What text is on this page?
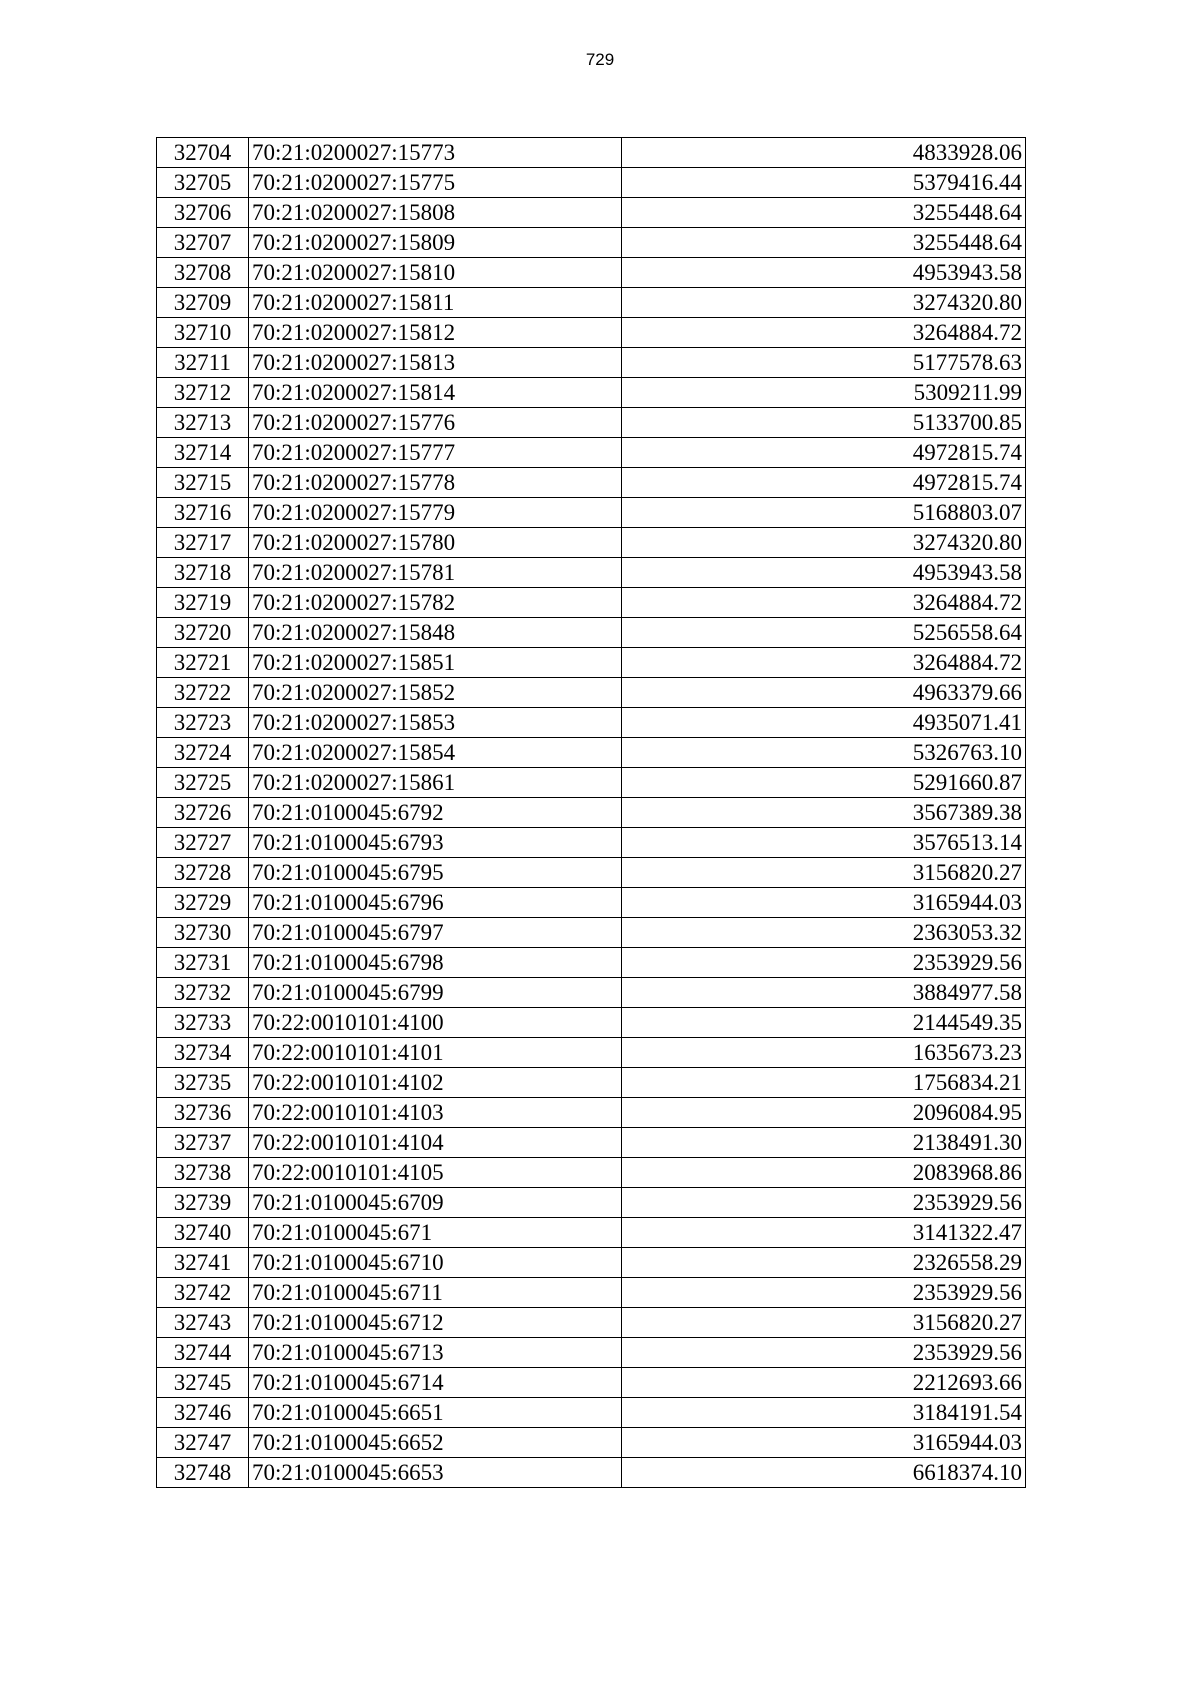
729
32704	70:21:0200027:15773	4833928.06
32705	70:21:0200027:15775	5379416.44
32706	70:21:0200027:15808	3255448.64
32707	70:21:0200027:15809	3255448.64
32708	70:21:0200027:15810	4953943.58
32709	70:21:0200027:15811	3274320.80
32710	70:21:0200027:15812	3264884.72
32711	70:21:0200027:15813	5177578.63
32712	70:21:0200027:15814	5309211.99
32713	70:21:0200027:15776	5133700.85
32714	70:21:0200027:15777	4972815.74
32715	70:21:0200027:15778	4972815.74
32716	70:21:0200027:15779	5168803.07
32717	70:21:0200027:15780	3274320.80
32718	70:21:0200027:15781	4953943.58
32719	70:21:0200027:15782	3264884.72
32720	70:21:0200027:15848	5256558.64
32721	70:21:0200027:15851	3264884.72
32722	70:21:0200027:15852	4963379.66
32723	70:21:0200027:15853	4935071.41
32724	70:21:0200027:15854	5326763.10
32725	70:21:0200027:15861	5291660.87
32726	70:21:0100045:6792	3567389.38
32727	70:21:0100045:6793	3576513.14
32728	70:21:0100045:6795	3156820.27
32729	70:21:0100045:6796	3165944.03
32730	70:21:0100045:6797	2363053.32
32731	70:21:0100045:6798	2353929.56
32732	70:21:0100045:6799	3884977.58
32733	70:22:0010101:4100	2144549.35
32734	70:22:0010101:4101	1635673.23
32735	70:22:0010101:4102	1756834.21
32736	70:22:0010101:4103	2096084.95
32737	70:22:0010101:4104	2138491.30
32738	70:22:0010101:4105	2083968.86
32739	70:21:0100045:6709	2353929.56
32740	70:21:0100045:671	3141322.47
32741	70:21:0100045:6710	2326558.29
32742	70:21:0100045:6711	2353929.56
32743	70:21:0100045:6712	3156820.27
32744	70:21:0100045:6713	2353929.56
32745	70:21:0100045:6714	2212693.66
32746	70:21:0100045:6651	3184191.54
32747	70:21:0100045:6652	3165944.03
32748	70:21:0100045:6653	6618374.10
